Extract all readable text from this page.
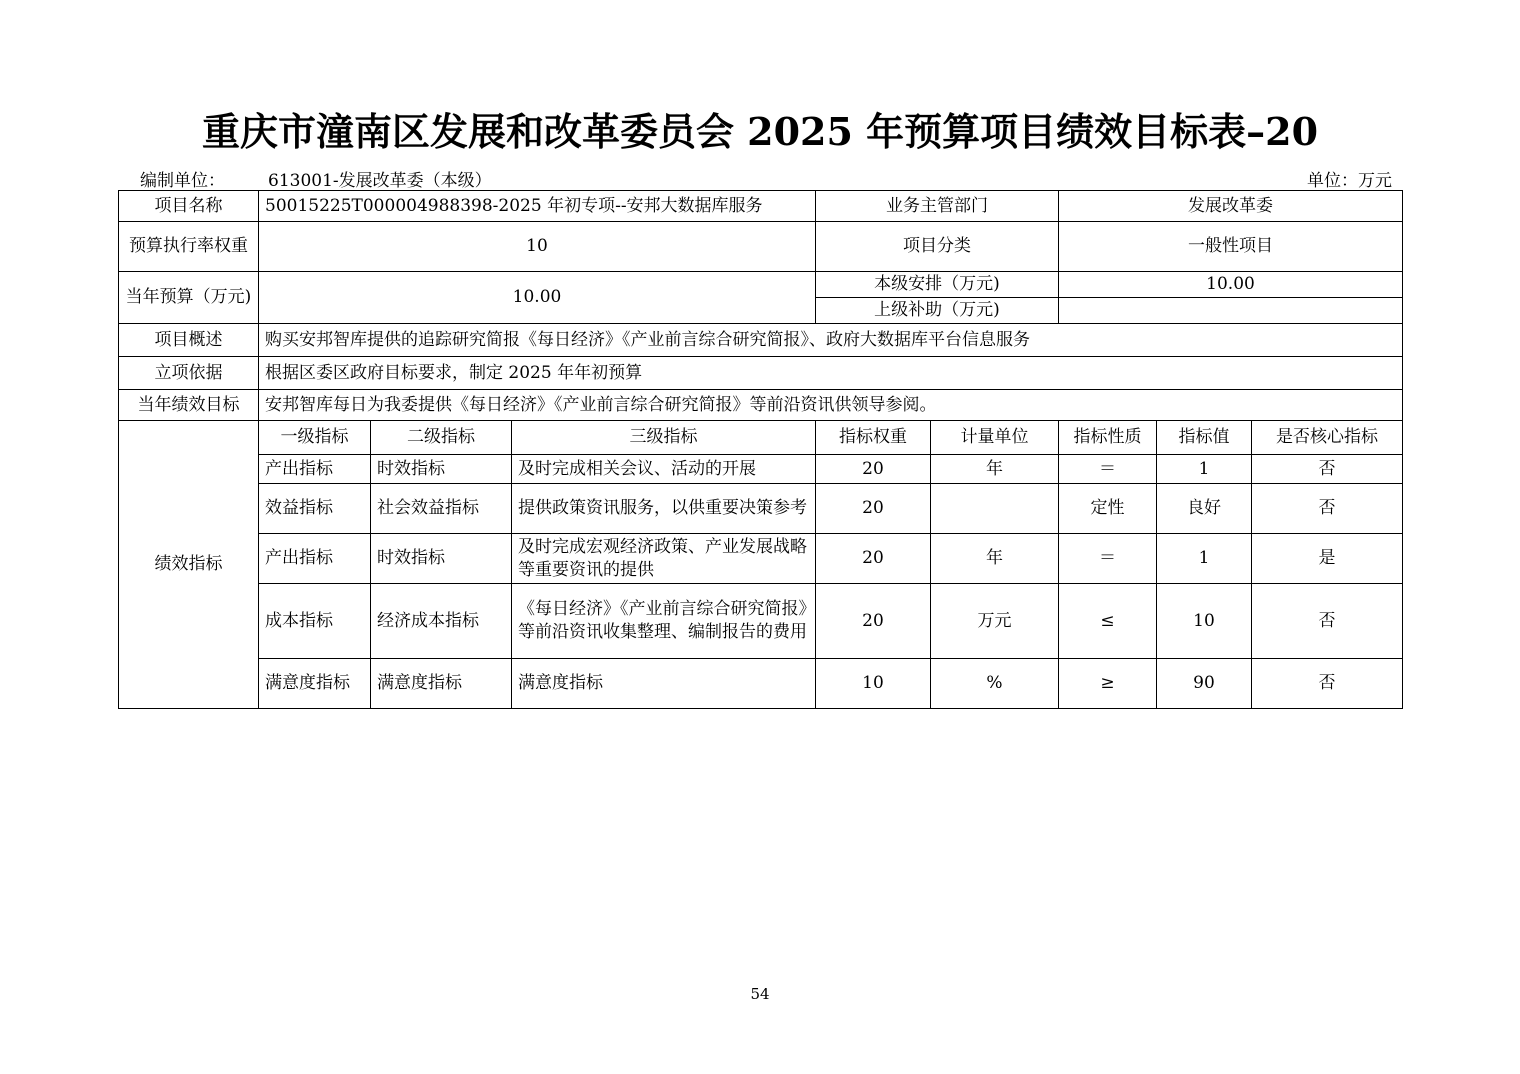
重庆市潼南区发展和改革委员会 2025 年预算项目绩效目标表–20
编制单位：	613001-发展改革委（本级）	单位：万元
项目名称	50015225T000004988398-2025 年初专项--安邦大数据库服务			业务主管部门		发展改革委		
预算执行率权重	10			项目分类		一般性项目		
当年预算（万元)	10.00			本级安排（万元)		10.00		
				上级补助（万元)				
项目概述	购买安邦智库提供的追踪研究简报《每日经济》《产业前言综合研究简报》、政府大数据库平台信息服务							
立项依据	根据区委区政府目标要求，制定 2025 年年初预算							
当年绩效目标	安邦智库每日为我委提供《每日经济》《产业前言综合研究简报》等前沿资讯供领导参阅。							
绩效指标	一级指标	二级指标	三级指标	指标权重	计量单位	指标性质	指标值	是否核心指标
	产出指标	时效指标	及时完成相关会议、活动的开展	20	年	＝	1	否
	效益指标	社会效益指标	提供政策资讯服务，以供重要决策参考	20		定性	良好	否
	产出指标	时效指标	及时完成宏观经济政策、产业发展战略等重要资讯的提供	20	年	＝	1	是
	成本指标	经济成本指标	《每日经济》《产业前言综合研究简报》等前沿资讯收集整理、编制报告的费用	20	万元	≤	10	否
	满意度指标	满意度指标	满意度指标	10	%	≥	90	否
54
